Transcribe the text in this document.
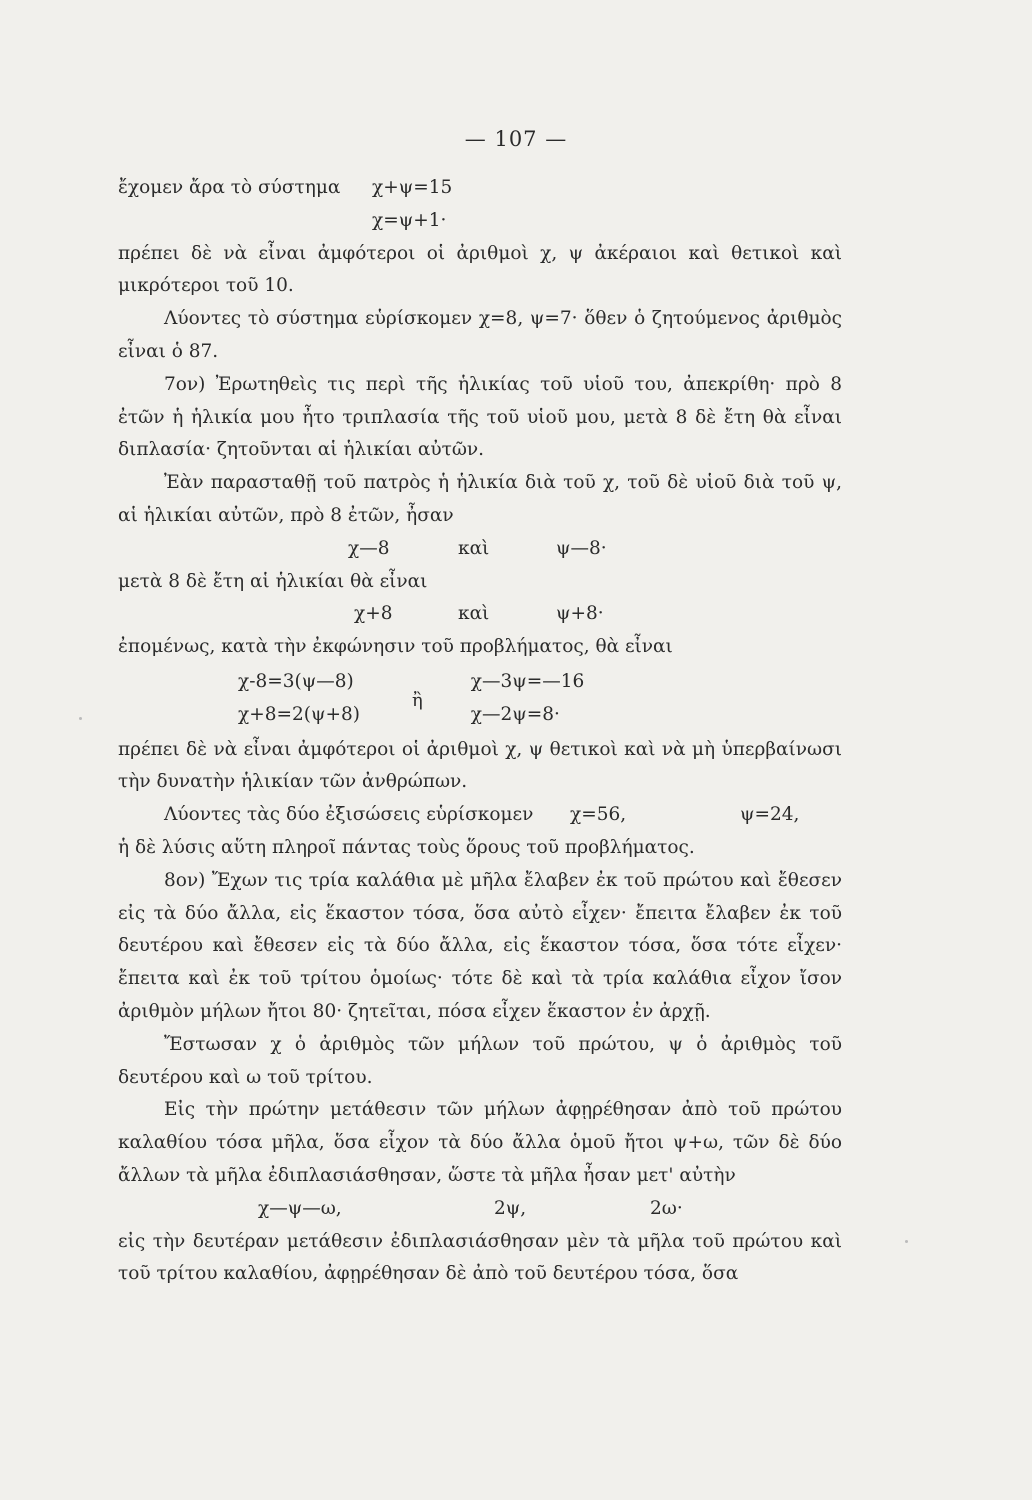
— 107 —
ἔχομεν ἄρα τὸ σύστημα	χ+ψ=15
χ=ψ+1·

πρέπει δὲ νὰ εἶναι ἀμφότεροι οἱ ἀριθμοὶ χ, ψ ἀκέραιοι καὶ θετικοὶ καὶ μικρότεροι τοῦ 10.

Λύοντες τὸ σύστημα εὑρίσκομεν χ=8, ψ=7· ὅθεν ὁ ζητούμενος ἀριθμὸς εἶναι ὁ 87.

7ον) Ἐρωτηθεὶς τις περὶ τῆς ἡλικίας τοῦ υἱοῦ του, ἀπεκρίθη· πρὸ 8 ἐτῶν ἡ ἡλικία μου ἦτο τριπλασία τῆς τοῦ υἱοῦ μου, μετὰ 8 δὲ ἔτη θὰ εἶναι διπλασία· ζητοῦνται αἱ ἡλικίαι αὐτῶν.

Ἐὰν παρασταθῇ τοῦ πατρὸς ἡ ἡλικία διὰ τοῦ χ, τοῦ δὲ υἱοῦ διὰ τοῦ ψ, αἱ ἡλικίαι αὐτῶν, πρὸ 8 ἐτῶν, ἦσαν

χ—8	καὶ	ψ—8·

μετὰ 8 δὲ ἔτη αἱ ἡλικίαι θὰ εἶναι

χ+8	καὶ	ψ+8·

ἐπομένως, κατὰ τὴν ἐκφώνησιν τοῦ προβλήματος, θὰ εἶναι

χ-8=3(ψ—8)
χ+8=2(ψ+8)
ἢ
χ—3ψ=—16
χ—2ψ=8·

πρέπει δὲ νὰ εἶναι ἀμφότεροι οἱ ἀριθμοὶ χ, ψ θετικοὶ καὶ νὰ μὴ ὑπερβαίνωσι τὴν δυνατὴν ἡλικίαν τῶν ἀνθρώπων.

Λύοντες τὰς δύο ἐξισώσεις εὑρίσκομεν	χ=56,	ψ=24,

ἡ δὲ λύσις αὕτη πληροῖ πάντας τοὺς ὅρους τοῦ προβλήματος.

8ον) Ἔχων τις τρία καλάθια μὲ μῆλα ἔλαβεν ἐκ τοῦ πρώτου καὶ ἔθεσεν εἰς τὰ δύο ἄλλα, εἰς ἕκαστον τόσα, ὅσα αὐτὸ εἶχεν· ἔπειτα ἔλαβεν ἐκ τοῦ δευτέρου καὶ ἔθεσεν εἰς τὰ δύο ἄλλα, εἰς ἕκαστον τόσα, ὅσα τότε εἶχεν· ἔπειτα καὶ ἐκ τοῦ τρίτου ὁμοίως· τότε δὲ καὶ τὰ τρία καλάθια εἶχον ἴσον ἀριθμὸν μήλων ἤτοι 80· ζητεῖται, πόσα εἶχεν ἕκαστον ἐν ἀρχῇ.

Ἔστωσαν χ ὁ ἀριθμὸς τῶν μήλων τοῦ πρώτου, ψ ὁ ἀριθμὸς τοῦ δευτέρου καὶ ω τοῦ τρίτου.

Εἰς τὴν πρώτην μετάθεσιν τῶν μήλων ἀφῃρέθησαν ἀπὸ τοῦ πρώτου καλαθίου τόσα μῆλα, ὅσα εἶχον τὰ δύο ἄλλα ὁμοῦ ἤτοι ψ+ω, τῶν δὲ δύο ἄλλων τὰ μῆλα ἐδιπλασιάσθησαν, ὥστε τὰ μῆλα ἦσαν μετ' αὐτὴν

χ—ψ—ω,	2ψ,	2ω·

εἰς τὴν δευτέραν μετάθεσιν ἐδιπλασιάσθησαν μὲν τὰ μῆλα τοῦ πρώτου καὶ τοῦ τρίτου καλαθίου, ἀφῃρέθησαν δὲ ἀπὸ τοῦ δευτέρου τόσα, ὅσα
